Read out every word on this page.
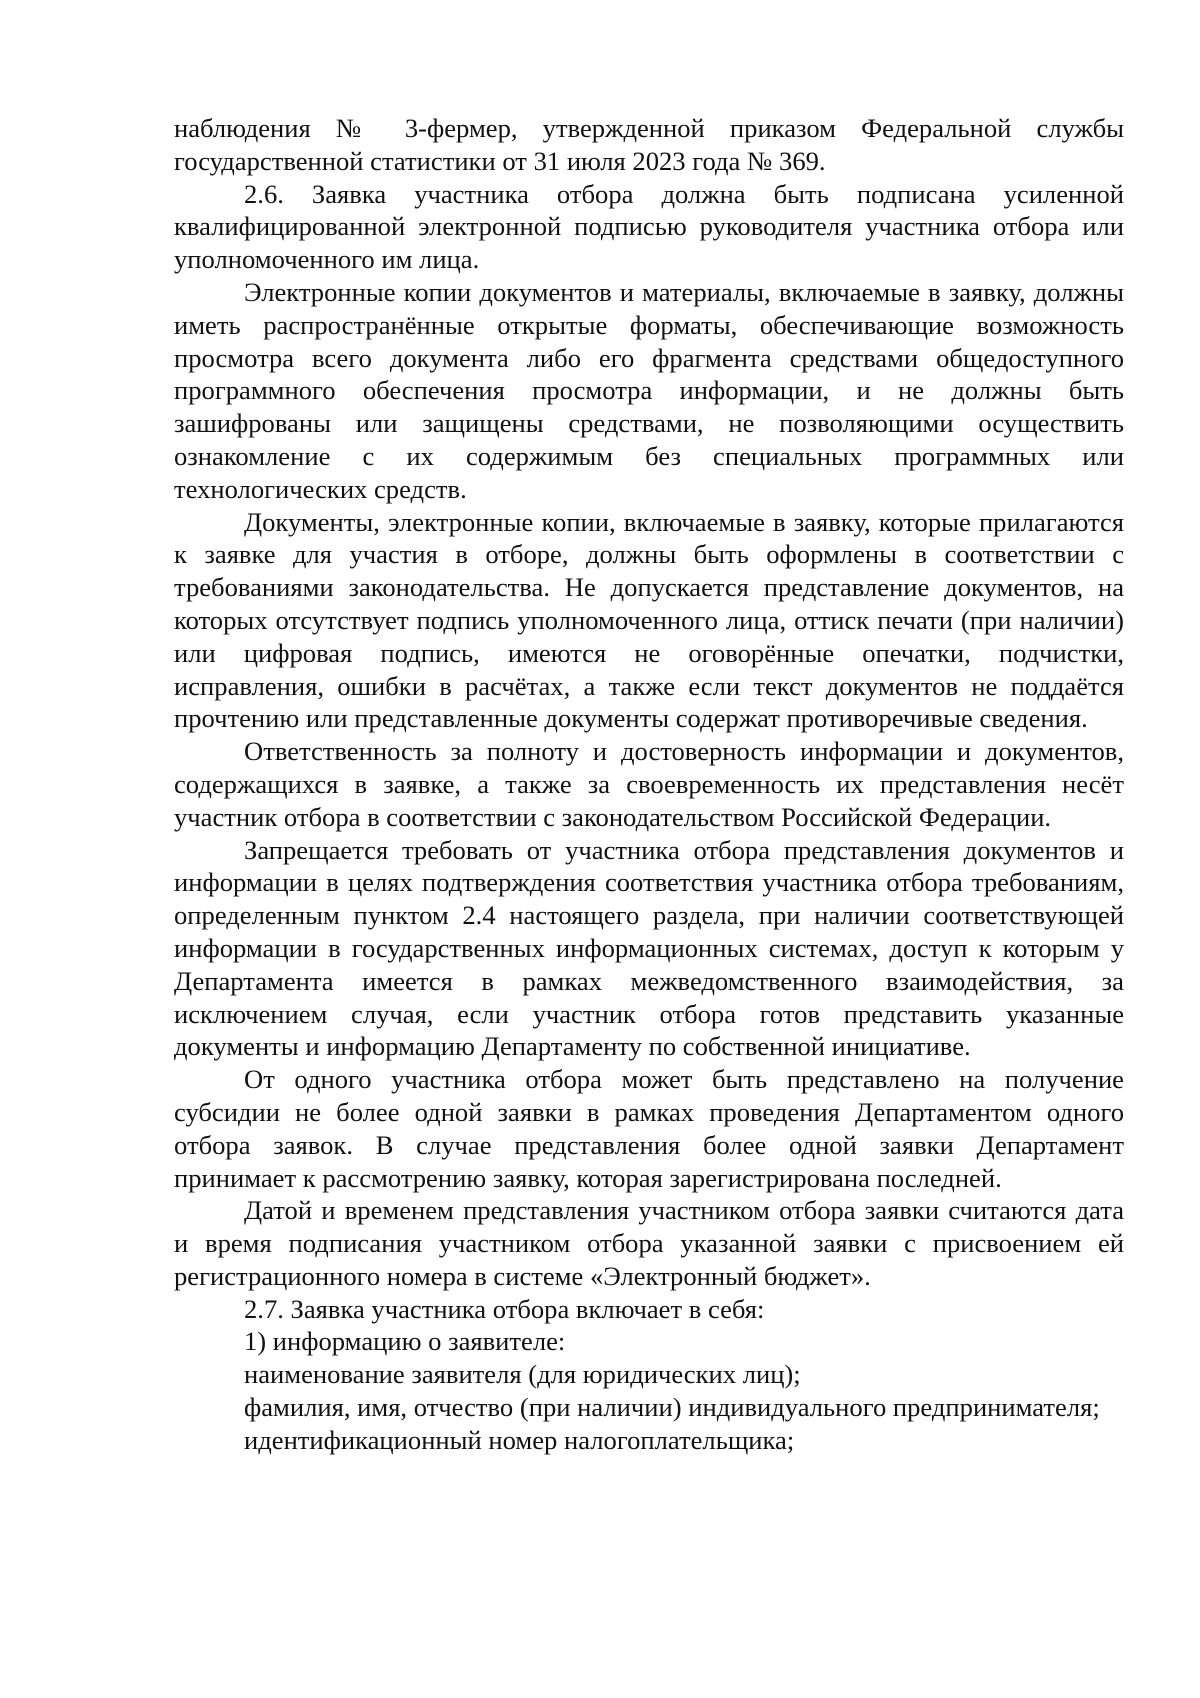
наблюдения № 3-фермер, утвержденной приказом Федеральной службы государственной статистики от 31 июля 2023 года № 369.

2.6. Заявка участника отбора должна быть подписана усиленной квалифицированной электронной подписью руководителя участника отбора или уполномоченного им лица.

Электронные копии документов и материалы, включаемые в заявку, должны иметь распространённые открытые форматы, обеспечивающие возможность просмотра всего документа либо его фрагмента средствами общедоступного программного обеспечения просмотра информации, и не должны быть зашифрованы или защищены средствами, не позволяющими осуществить ознакомление с их содержимым без специальных программных или технологических средств.

Документы, электронные копии, включаемые в заявку, которые прилагаются к заявке для участия в отборе, должны быть оформлены в соответствии с требованиями законодательства. Не допускается представление документов, на которых отсутствует подпись уполномоченного лица, оттиск печати (при наличии) или цифровая подпись, имеются не оговорённые опечатки, подчистки, исправления, ошибки в расчётах, а также если текст документов не поддаётся прочтению или представленные документы содержат противоречивые сведения.

Ответственность за полноту и достоверность информации и документов, содержащихся в заявке, а также за своевременность их представления несёт участник отбора в соответствии с законодательством Российской Федерации.

Запрещается требовать от участника отбора представления документов и информации в целях подтверждения соответствия участника отбора требованиям, определенным пунктом 2.4 настоящего раздела, при наличии соответствующей информации в государственных информационных системах, доступ к которым у Департамента имеется в рамках межведомственного взаимодействия, за исключением случая, если участник отбора готов представить указанные документы и информацию Департаменту по собственной инициативе.

От одного участника отбора может быть представлено на получение субсидии не более одной заявки в рамках проведения Департаментом одного отбора заявок. В случае представления более одной заявки Департамент принимает к рассмотрению заявку, которая зарегистрирована последней.

Датой и временем представления участником отбора заявки считаются дата и время подписания участником отбора указанной заявки с присвоением ей регистрационного номера в системе «Электронный бюджет».

2.7. Заявка участника отбора включает в себя:

1) информацию о заявителе:

наименование заявителя (для юридических лиц);

фамилия, имя, отчество (при наличии) индивидуального предпринимателя;

идентификационный номер налогоплательщика;
